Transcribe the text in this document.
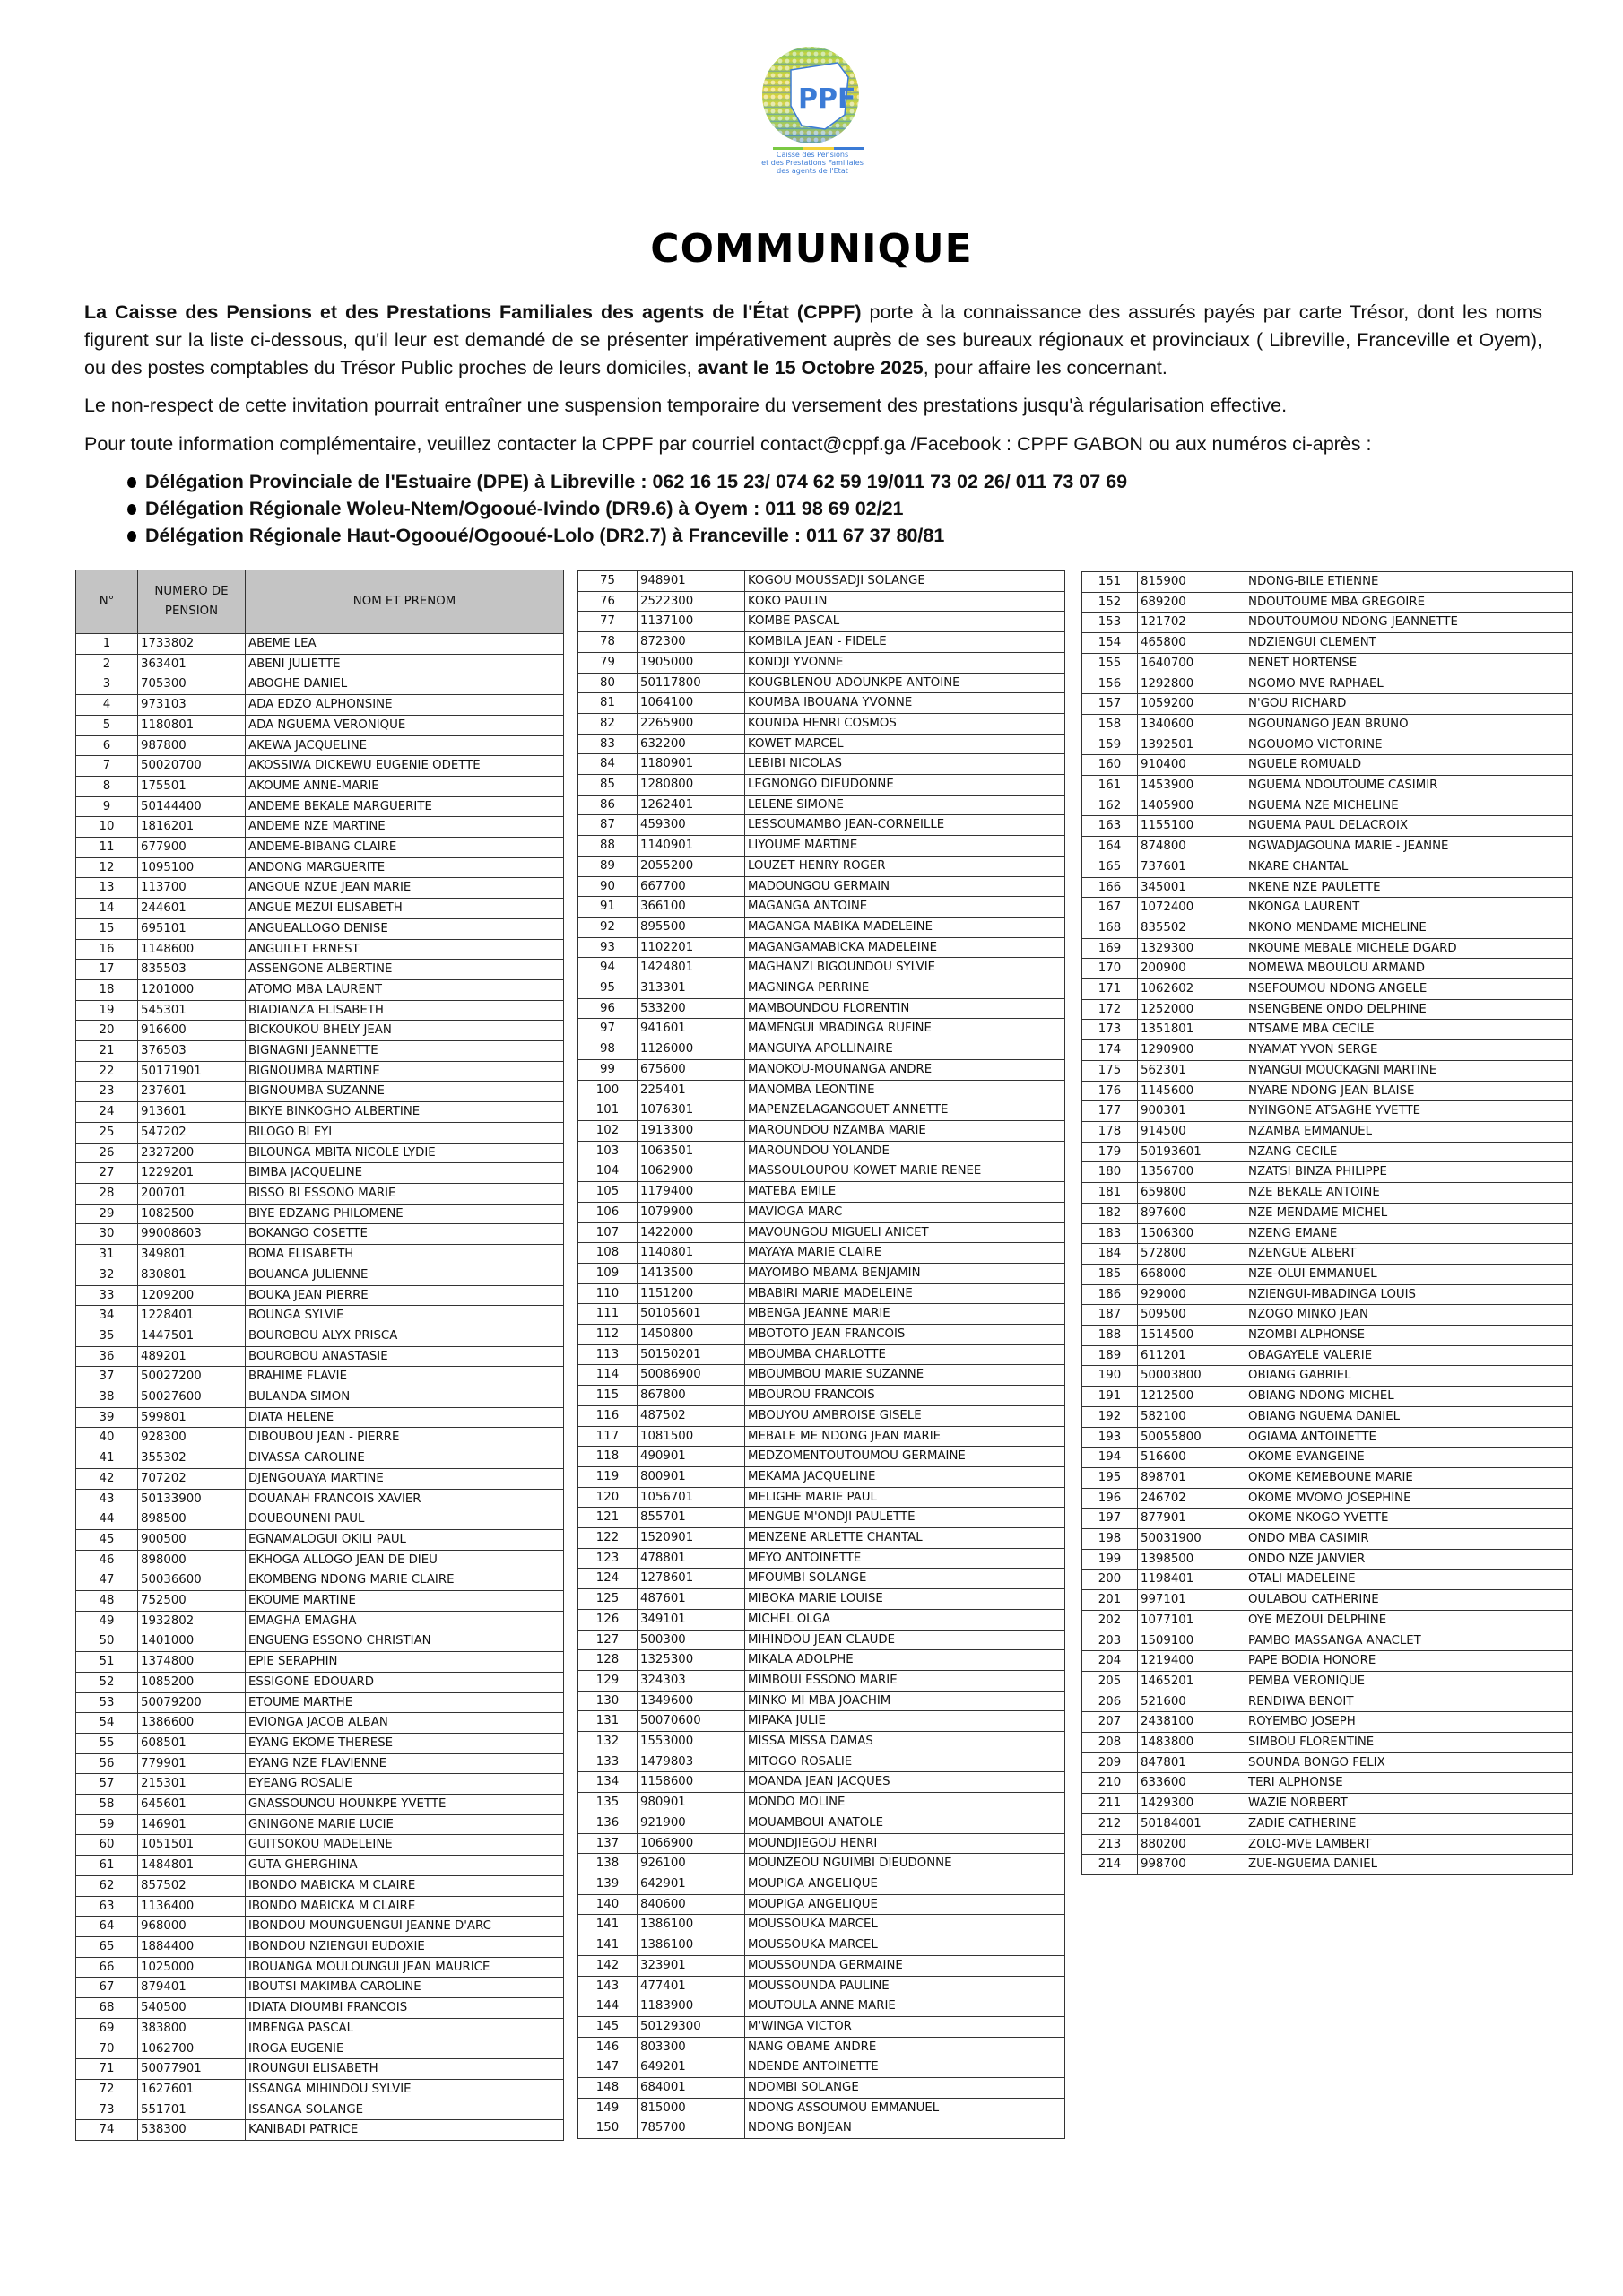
PPF
Caisse des Pensions
et des Prestations Familiales
des agents de l'Etat
COMMUNIQUE
La Caisse des Pensions et des Prestations Familiales des agents de l'État (CPPF) porte à la connaissance des assurés payés par carte Trésor, dont les noms figurent sur la liste ci-dessous, qu'il leur est demandé de se présenter impérativement auprès de ses bureaux régionaux et provinciaux ( Libreville, Franceville et Oyem), ou des postes comptables du Trésor Public proches de leurs domiciles, avant le 15 Octobre 2025, pour affaire les concernant.
Le non-respect de cette invitation pourrait entraîner une suspension temporaire du versement des prestations jusqu'à régularisation effective.
Pour toute information complémentaire, veuillez contacter la CPPF par courriel contact@cppf.ga /Facebook : CPPF GABON ou aux numéros ci-après :
Délégation Provinciale de l'Estuaire (DPE) à Libreville : 062 16 15 23/ 074 62 59 19/011 73 02 26/ 011 73 07 69
Délégation Régionale Woleu-Ntem/Ogooué-Ivindo (DR9.6) à Oyem : 011 98 69 02/21
Délégation Régionale Haut-Ogooué/Ogooué-Lolo (DR2.7) à Franceville : 011 67 37 80/81
N°	NUMERO DE PENSION	NOM ET PRENOM
1	1733802	ABEME LEA
2	363401	ABENI JULIETTE
3	705300	ABOGHE DANIEL
4	973103	ADA EDZO ALPHONSINE
5	1180801	ADA NGUEMA VERONIQUE
6	987800	AKEWA JACQUELINE
7	50020700	AKOSSIWA DICKEWU EUGENIE ODETTE
8	175501	AKOUME ANNE-MARIE
9	50144400	ANDEME BEKALE MARGUERITE
10	1816201	ANDEME NZE MARTINE
11	677900	ANDEME-BIBANG CLAIRE
12	1095100	ANDONG MARGUERITE
13	113700	ANGOUE NZUE JEAN MARIE
14	244601	ANGUE MEZUI ELISABETH
15	695101	ANGUEALLOGO DENISE
16	1148600	ANGUILET ERNEST
17	835503	ASSENGONE ALBERTINE
18	1201000	ATOMO MBA LAURENT
19	545301	BIADIANZA ELISABETH
20	916600	BICKOUKOU BHELY JEAN
21	376503	BIGNAGNI JEANNETTE
22	50171901	BIGNOUMBA MARTINE
23	237601	BIGNOUMBA SUZANNE
24	913601	BIKYE BINKOGHO ALBERTINE
25	547202	BILOGO BI EYI
26	2327200	BILOUNGA MBITA NICOLE LYDIE
27	1229201	BIMBA JACQUELINE
28	200701	BISSO BI ESSONO MARIE
29	1082500	BIYE EDZANG PHILOMENE
30	99008603	BOKANGO COSETTE
31	349801	BOMA ELISABETH
32	830801	BOUANGA JULIENNE
33	1209200	BOUKA JEAN PIERRE
34	1228401	BOUNGA SYLVIE
35	1447501	BOUROBOU ALYX PRISCA
36	489201	BOUROBOU ANASTASIE
37	50027200	BRAHIME FLAVIE
38	50027600	BULANDA SIMON
39	599801	DIATA HELENE
40	928300	DIBOUBOU JEAN - PIERRE
41	355302	DIVASSA CAROLINE
42	707202	DJENGOUAYA MARTINE
43	50133900	DOUANAH FRANCOIS XAVIER
44	898500	DOUBOUNENI PAUL
45	900500	EGNAMALOGUI OKILI PAUL
46	898000	EKHOGA ALLOGO JEAN DE DIEU
47	50036600	EKOMBENG NDONG MARIE CLAIRE
48	752500	EKOUME MARTINE
49	1932802	EMAGHA EMAGHA
50	1401000	ENGUENG ESSONO CHRISTIAN
51	1374800	EPIE SERAPHIN
52	1085200	ESSIGONE EDOUARD
53	50079200	ETOUME MARTHE
54	1386600	EVIONGA JACOB ALBAN
55	608501	EYANG EKOME THERESE
56	779901	EYANG NZE FLAVIENNE
57	215301	EYEANG ROSALIE
58	645601	GNASSOUNOU HOUNKPE YVETTE
59	146901	GNINGONE MARIE LUCIE
60	1051501	GUITSOKOU MADELEINE
61	1484801	GUTA GHERGHINA
62	857502	IBONDO MABICKA M CLAIRE
63	1136400	IBONDO MABICKA M CLAIRE
64	968000	IBONDOU MOUNGUENGUI JEANNE D'ARC
65	1884400	IBONDOU NZIENGUI EUDOXIE
66	1025000	IBOUANGA MOULOUNGUI JEAN MAURICE
67	879401	IBOUTSI MAKIMBA CAROLINE
68	540500	IDIATA DIOUMBI FRANCOIS
69	383800	IMBENGA PASCAL
70	1062700	IROGA EUGENIE
71	50077901	IROUNGUI ELISABETH
72	1627601	ISSANGA MIHINDOU SYLVIE
73	551701	ISSANGA SOLANGE
74	538300	KANIBADI PATRICE
75	948901	KOGOU MOUSSADJI SOLANGE
76	2522300	KOKO PAULIN
77	1137100	KOMBE PASCAL
78	872300	KOMBILA JEAN - FIDELE
79	1905000	KONDJI YVONNE
80	50117800	KOUGBLENOU ADOUNKPE ANTOINE
81	1064100	KOUMBA IBOUANA YVONNE
82	2265900	KOUNDA HENRI COSMOS
83	632200	KOWET MARCEL
84	1180901	LEBIBI NICOLAS
85	1280800	LEGNONGO DIEUDONNE
86	1262401	LELENE SIMONE
87	459300	LESSOUMAMBO JEAN-CORNEILLE
88	1140901	LIYOUME MARTINE
89	2055200	LOUZET HENRY ROGER
90	667700	MADOUNGOU GERMAIN
91	366100	MAGANGA ANTOINE
92	895500	MAGANGA MABIKA MADELEINE
93	1102201	MAGANGAMABICKA MADELEINE
94	1424801	MAGHANZI BIGOUNDOU SYLVIE
95	313301	MAGNINGA PERRINE
96	533200	MAMBOUNDOU FLORENTIN
97	941601	MAMENGUI MBADINGA RUFINE
98	1126000	MANGUIYA APOLLINAIRE
99	675600	MANOKOU-MOUNANGA ANDRE
100	225401	MANOMBA LEONTINE
101	1076301	MAPENZELAGANGOUET ANNETTE
102	1913300	MAROUNDOU NZAMBA MARIE
103	1063501	MAROUNDOU YOLANDE
104	1062900	MASSOULOUPOU KOWET MARIE RENEE
105	1179400	MATEBA EMILE
106	1079900	MAVIOGA MARC
107	1422000	MAVOUNGOU MIGUELI ANICET
108	1140801	MAYAYA MARIE CLAIRE
109	1413500	MAYOMBO MBAMA BENJAMIN
110	1151200	MBABIRI MARIE MADELEINE
111	50105601	MBENGA JEANNE MARIE
112	1450800	MBOTOTO JEAN FRANCOIS
113	50150201	MBOUMBA CHARLOTTE
114	50086900	MBOUMBOU MARIE SUZANNE
115	867800	MBOUROU FRANCOIS
116	487502	MBOUYOU AMBROISE GISELE
117	1081500	MEBALE ME NDONG JEAN MARIE
118	490901	MEDZOMENTOUTOUMOU GERMAINE
119	800901	MEKAMA JACQUELINE
120	1056701	MELIGHE MARIE PAUL
121	855701	MENGUE M'ONDJI PAULETTE
122	1520901	MENZENE ARLETTE CHANTAL
123	478801	MEYO ANTOINETTE
124	1278601	MFOUMBI SOLANGE
125	487601	MIBOKA MARIE LOUISE
126	349101	MICHEL OLGA
127	500300	MIHINDOU JEAN CLAUDE
128	1325300	MIKALA ADOLPHE
129	324303	MIMBOUI ESSONO MARIE
130	1349600	MINKO MI MBA JOACHIM
131	50070600	MIPAKA JULIE
132	1553000	MISSA MISSA DAMAS
133	1479803	MITOGO ROSALIE
134	1158600	MOANDA JEAN JACQUES
135	980901	MONDO MOLINE
136	921900	MOUAMBOUI ANATOLE
137	1066900	MOUNDJIEGOU HENRI
138	926100	MOUNZEOU NGUIMBI DIEUDONNE
139	642901	MOUPIGA ANGELIQUE
140	840600	MOUPIGA ANGELIQUE
141	1386100	MOUSSOUKA MARCEL
141	1386100	MOUSSOUKA MARCEL
142	323901	MOUSSOUNDA GERMAINE
143	477401	MOUSSOUNDA PAULINE
144	1183900	MOUTOULA ANNE MARIE
145	50129300	M'WINGA VICTOR
146	803300	NANG OBAME ANDRE
147	649201	NDENDE ANTOINETTE
148	684001	NDOMBI SOLANGE
149	815000	NDONG ASSOUMOU EMMANUEL
150	785700	NDONG BONJEAN
151	815900	NDONG-BILE ETIENNE
152	689200	NDOUTOUME MBA GREGOIRE
153	121702	NDOUTOUMOU NDONG JEANNETTE
154	465800	NDZIENGUI CLEMENT
155	1640700	NENET HORTENSE
156	1292800	NGOMO MVE RAPHAEL
157	1059200	N'GOU RICHARD
158	1340600	NGOUNANGO JEAN BRUNO
159	1392501	NGOUOMO VICTORINE
160	910400	NGUELE ROMUALD
161	1453900	NGUEMA NDOUTOUME CASIMIR
162	1405900	NGUEMA NZE MICHELINE
163	1155100	NGUEMA PAUL DELACROIX
164	874800	NGWADJAGOUNA MARIE - JEANNE
165	737601	NKARE CHANTAL
166	345001	NKENE NZE PAULETTE
167	1072400	NKONGA LAURENT
168	835502	NKONO MENDAME MICHELINE
169	1329300	NKOUME MEBALE MICHELE DGARD
170	200900	NOMEWA MBOULOU ARMAND
171	1062602	NSEFOUMOU NDONG ANGELE
172	1252000	NSENGBENE ONDO DELPHINE
173	1351801	NTSAME MBA CECILE
174	1290900	NYAMAT YVON SERGE
175	562301	NYANGUI MOUCKAGNI MARTINE
176	1145600	NYARE NDONG JEAN BLAISE
177	900301	NYINGONE ATSAGHE YVETTE
178	914500	NZAMBA EMMANUEL
179	50193601	NZANG CECILE
180	1356700	NZATSI BINZA PHILIPPE
181	659800	NZE BEKALE ANTOINE
182	897600	NZE MENDAME MICHEL
183	1506300	NZENG EMANE
184	572800	NZENGUE ALBERT
185	668000	NZE-OLUI EMMANUEL
186	929000	NZIENGUI-MBADINGA LOUIS
187	509500	NZOGO MINKO JEAN
188	1514500	NZOMBI ALPHONSE
189	611201	OBAGAYELE VALERIE
190	50003800	OBIANG GABRIEL
191	1212500	OBIANG NDONG MICHEL
192	582100	OBIANG NGUEMA DANIEL
193	50055800	OGIAMA ANTOINETTE
194	516600	OKOME EVANGEINE
195	898701	OKOME KEMEBOUNE MARIE
196	246702	OKOME MVOMO JOSEPHINE
197	877901	OKOME NKOGO YVETTE
198	50031900	ONDO MBA CASIMIR
199	1398500	ONDO NZE JANVIER
200	1198401	OTALI MADELEINE
201	997101	OULABOU CATHERINE
202	1077101	OYE MEZOUI DELPHINE
203	1509100	PAMBO MASSANGA ANACLET
204	1219400	PAPE BODIA HONORE
205	1465201	PEMBA VERONIQUE
206	521600	RENDIWA BENOIT
207	2438100	ROYEMBO JOSEPH
208	1483800	SIMBOU FLORENTINE
209	847801	SOUNDA BONGO FELIX
210	633600	TERI ALPHONSE
211	1429300	WAZIE NORBERT
212	50184001	ZADIE CATHERINE
213	880200	ZOLO-MVE LAMBERT
214	998700	ZUE-NGUEMA DANIEL
